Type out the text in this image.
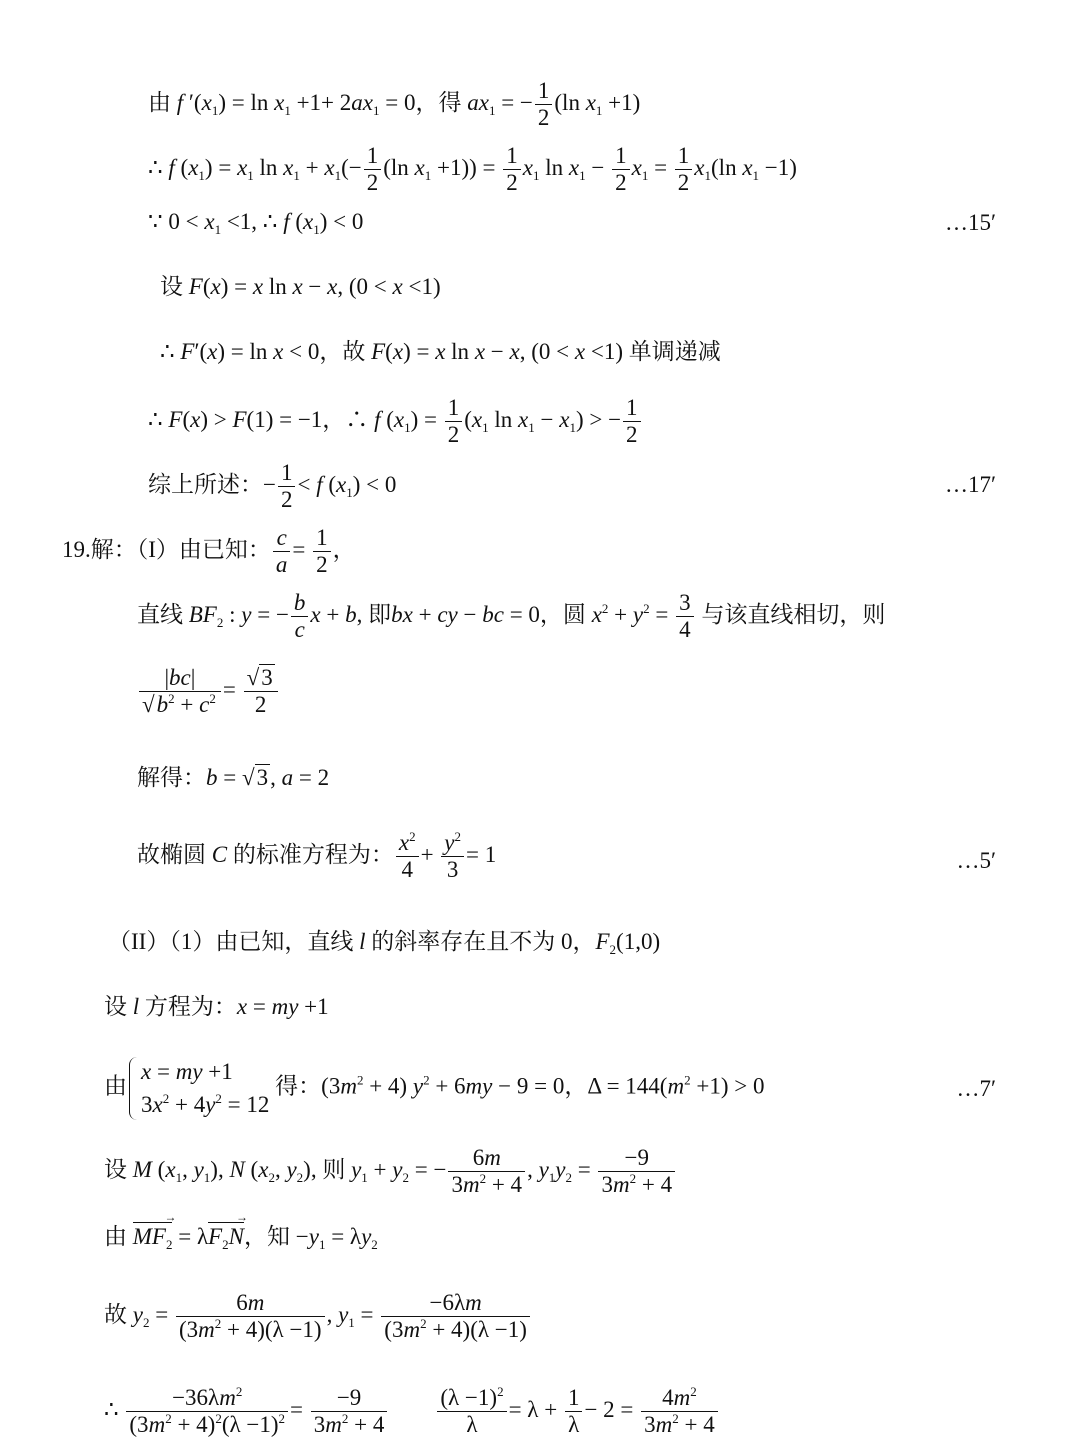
由 f $'(x_1) = \ln x_1 +1+ 2ax_1 = 0$，得 $ax_1$ = − $\frac{1}{2} (\ln$ $x_1 +1$)
∴ f $(x_1) = x_1$ $\ln x_1 + x_1(- \frac{1}{2} (\ln$ $x_1 +1)) = \frac{1}{2} x_1$ $\ln x_1 - \frac{1}{2} x_1 = \frac{1}{2} x_1(\ln$ $x_1 -1$)
∵ $0 < x_1 <1$, ∴ f $(x_1) < 0$	…15′
设 F(x) = x ln x − x, (0 < x <1)
∴ F′(x) = ln x < 0，故 F(x) = x ln x − x, (0 < x <1) 单调递减
∴ F(x) > F(1) = −1，∴ f $(x_1) = \frac{1}{2} (x_1$ $\ln x_1 - x_1$) > − $\frac{1}{2}$
综上所述：− $\frac{1}{2} < f$ $(x_1) < 0$	…17′
19.解：（I）由已知： $\frac{c}{a} = \frac{1}{2}$ ，
直线 $BF_2$ : y = − $\frac{b}{c}$ x + b, 即bx + cy − bc = 0，圆 $x^2 + y^2 = \frac{3}{4}$ 与该直线相切，则
$\frac{|bc|}{√b^2 + c^2} = \frac{√3}{2}$
解得：b = √3, a = 2
故椭圆 C 的标准方程为： $\frac{x^2}{4} + \frac{y^2}{3} = 1$	…5′
（II）（1）由已知，直线 l 的斜率存在且不为 0，$F_2(1,0)$
设 l 方程为：x = my +1
由
x = my +1
$3x^2 + 4y^2 = 12$
得：$(3m^2 + 4) y^2 + 6my - 9 = 0$，$\Delta = 144(m^2 +1) > 0$	…7′
设 M ($x_1$, $y_1$), N ($x_2$, $y_2$), 则 $y_1 + y_2$ = − $\frac{6m}{3m^2 + 4}$ , $y_1y_2 = \frac{-9}{3m^2 + 4}$
由 $MF_2$ → = $\lambda F_2N$ →，知 $-y_1 = \lambda y_2$
故 $y_2 = \frac{6m}{(3m^2 + 4)(\lambda -1)}$ , $y_1 = \frac{-6\lambda m}{(3m^2 + 4)(\lambda -1)}$
∴ $\frac{-36\lambda m^2}{(3m^2 + 4)^2(\lambda -1)^2} = \frac{-9}{3m^2 + 4}$
$\frac{(\lambda -1)^2}{\lambda} = \lambda + \frac{1}{\lambda} - 2 = \frac{4m^2}{3m^2 + 4}$
